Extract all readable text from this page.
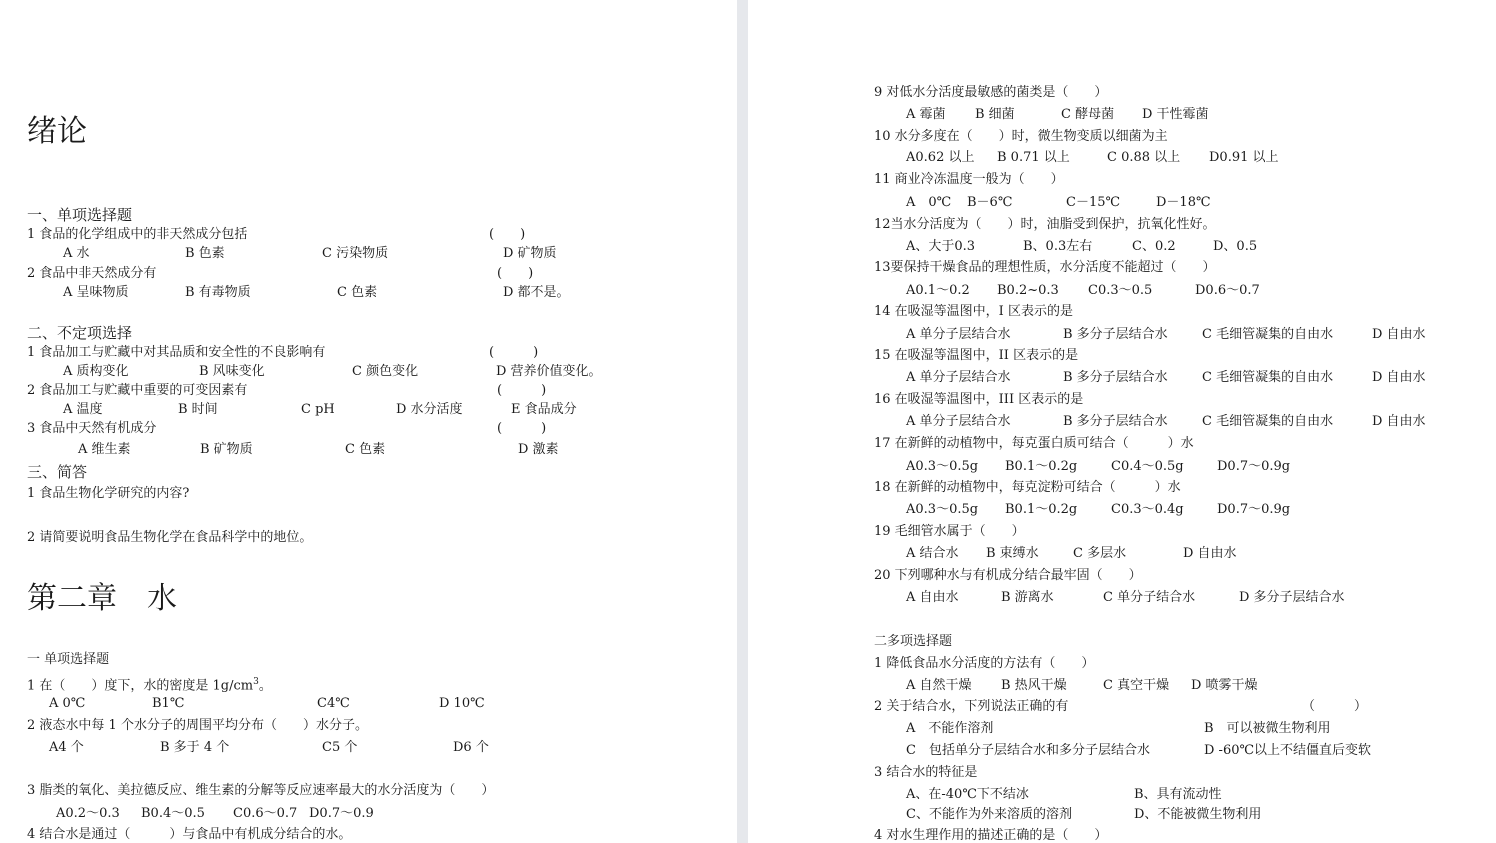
绪论
一、单项选择题
1 食品的化学组成中的非天然成分包括	(　　)
A 水	B 色素	C 污染物质	D 矿物质
2 食品中非天然成分有	(　　)
A 呈味物质	B 有毒物质	C 色素	D 都不是。
二、不定项选择
1 食品加工与贮藏中对其品质和安全性的不良影响有	(　　　)
A 质构变化	B 风味变化	C 颜色变化	D 营养价值变化。
2 食品加工与贮藏中重要的可变因素有	(　　　)
A 温度	B 时间	C pH	D 水分活度	E 食品成分
3 食品中天然有机成分	(　　　)
A 维生素	B 矿物质	C 色素	D 激素
三、简答
1 食品生物化学研究的内容?
2 请简要说明食品生物化学在食品科学中的地位。
第二章　水
一 单项选择题
1 在（　　）度下，水的密度是 $1g/cm^3$。
A 0℃	B1℃	C4℃	D 10℃
2 液态水中每 1 个水分子的周围平均分布（　　）水分子。
A4 个	B 多于 4 个	C5 个	D6 个
3 脂类的氧化、美拉德反应、维生素的分解等反应速率最大的水分活度为（　　）
A0.2～0.3 B0.4～0.5 C0.6～0.7 D0.7～0.9
4 结合水是通过（　　　）与食品中有机成分结合的水。
9 对低水分活度最敏感的菌类是（　　）
A 霉菌 B 细菌	C 酵母菌 D 干性霉菌
10 水分多度在（　　）时，微生物变质以细菌为主
A0.62 以上 B 0.71 以上	C 0.88 以上 D0.91 以上
11 商业冷冻温度一般为（　　）
A　0℃ B－6℃	C－15℃	D－18℃
12当水分活度为（　　）时，油脂受到保护，抗氧化性好。
A、大于0.3	B、0.3左右	C、0.2	D、0.5
13要保持干燥食品的理想性质，水分活度不能超过（　　）
A0.1～0.2 B0.2~0.3 C0.3～0.5	D0.6～0.7
14 在吸湿等温图中，I 区表示的是
A 单分子层结合水	B 多分子层结合水	C 毛细管凝集的自由水	D 自由水
15 在吸湿等温图中，II 区表示的是
A 单分子层结合水	B 多分子层结合水	C 毛细管凝集的自由水	D 自由水
16 在吸湿等温图中，III 区表示的是
A 单分子层结合水	B 多分子层结合水	C 毛细管凝集的自由水	D 自由水
17 在新鲜的动植物中，每克蛋白质可结合（　　　）水
A0.3～0.5g B0.1～0.2g	C0.4～0.5g	D0.7～0.9g
18 在新鲜的动植物中，每克淀粉可结合（　　　）水
A0.3～0.5g B0.1～0.2g	C0.3～0.4g	D0.7～0.9g
19 毛细管水属于（　　）
A 结合水 B 束缚水	C 多层水	D 自由水
20 下列哪种水与有机成分结合最牢固（　　）
A 自由水	B 游离水	C 单分子结合水	D 多分子层结合水
二多项选择题
1 降低食品水分活度的方法有（　　）
A 自然干燥 B 热风干燥	C 真空干燥 D 喷雾干燥
2 关于结合水，下列说法正确的有	（　　　）
A　不能作溶剂	B　可以被微生物利用
C　包括单分子层结合水和多分子层结合水	D -60℃以上不结僵直后变软
3 结合水的特征是
A、在-40℃下不结冰	B、具有流动性
C、不能作为外来溶质的溶剂	D、不能被微生物利用
4 对水生理作用的描述正确的是（　　）
